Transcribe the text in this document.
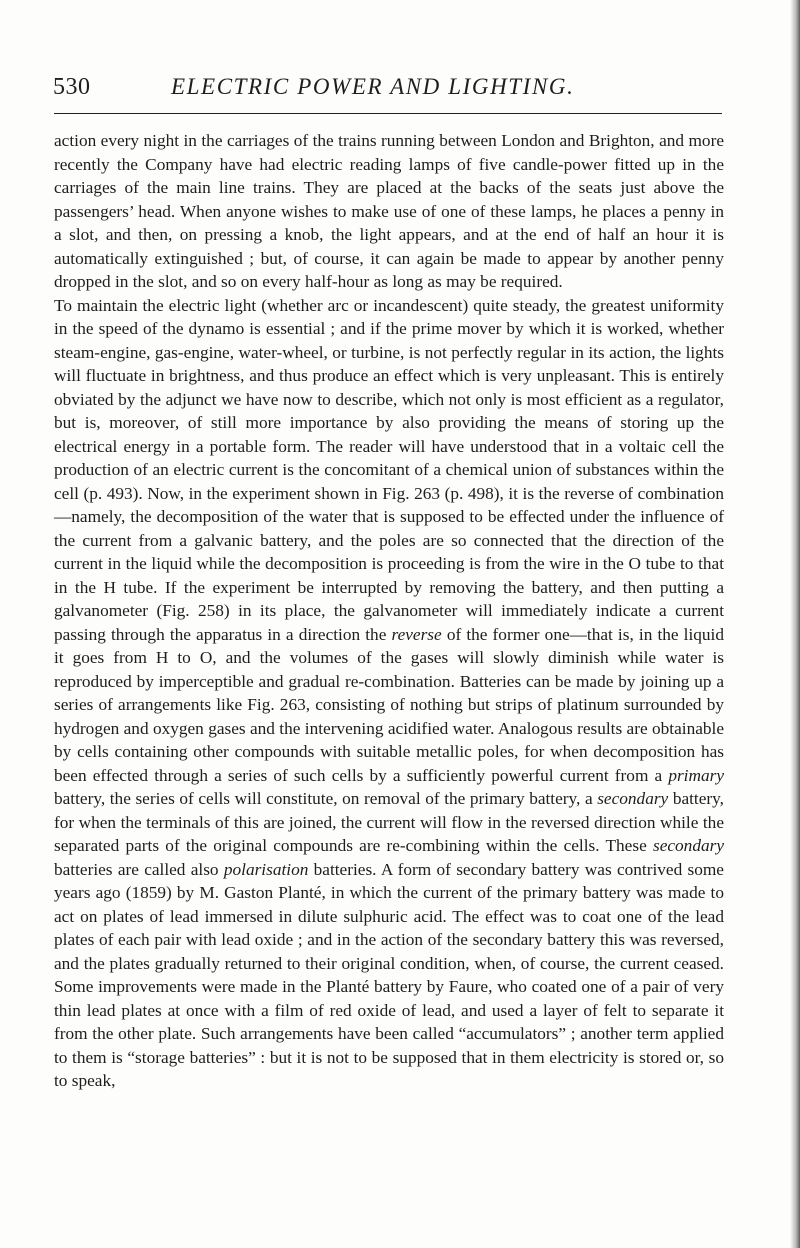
530	ELECTRIC POWER AND LIGHTING.

action every night in the carriages of the trains running between London and Brighton, and more recently the Company have had electric reading lamps of five candle-power fitted up in the carriages of the main line trains. They are placed at the backs of the seats just above the passengers’ head. When anyone wishes to make use of one of these lamps, he places a penny in a slot, and then, on pressing a knob, the light appears, and at the end of half an hour it is automatically extinguished ; but, of course, it can again be made to appear by another penny dropped in the slot, and so on every half-hour as long as may be required.

To maintain the electric light (whether arc or incandescent) quite steady, the greatest uniformity in the speed of the dynamo is essential ; and if the prime mover by which it is worked, whether steam-engine, gas-engine, water-wheel, or turbine, is not perfectly regular in its action, the lights will fluctuate in brightness, and thus produce an effect which is very unpleasant. This is entirely obviated by the adjunct we have now to describe, which not only is most efficient as a regulator, but is, moreover, of still more importance by also providing the means of storing up the electrical energy in a portable form. The reader will have understood that in a voltaic cell the production of an electric current is the concomitant of a chemical union of substances within the cell (p. 493). Now, in the experiment shown in Fig. 263 (p. 498), it is the reverse of combination —namely, the decomposition of the water that is supposed to be effected under the influence of the current from a galvanic battery, and the poles are so connected that the direction of the current in the liquid while the decomposition is proceeding is from the wire in the O tube to that in the H tube. If the experiment be interrupted by removing the battery, and then putting a galvanometer (Fig. 258) in its place, the galvanometer will immediately indicate a current passing through the apparatus in a direction the reverse of the former one—that is, in the liquid it goes from H to O, and the volumes of the gases will slowly diminish while water is reproduced by imperceptible and gradual re-combination. Batteries can be made by joining up a series of arrangements like Fig. 263, consisting of nothing but strips of platinum surrounded by hydrogen and oxygen gases and the intervening acidified water. Analogous results are obtainable by cells containing other compounds with suitable metallic poles, for when decomposition has been effected through a series of such cells by a sufficiently powerful current from a primary battery, the series of cells will constitute, on removal of the primary battery, a secondary battery, for when the terminals of this are joined, the current will flow in the reversed direction while the separated parts of the original compounds are re-combining within the cells. These secondary batteries are called also polarisation batteries. A form of secondary battery was contrived some years ago (1859) by M. Gaston Planté, in which the current of the primary battery was made to act on plates of lead immersed in dilute sulphuric acid. The effect was to coat one of the lead plates of each pair with lead oxide ; and in the action of the secondary battery this was reversed, and the plates gradually returned to their original condition, when, of course, the current ceased. Some improvements were made in the Planté battery by Faure, who coated one of a pair of very thin lead plates at once with a film of red oxide of lead, and used a layer of felt to separate it from the other plate. Such arrangements have been called “accumulators” ; another term applied to them is “storage batteries” : but it is not to be supposed that in them electricity is stored or, so to speak,
